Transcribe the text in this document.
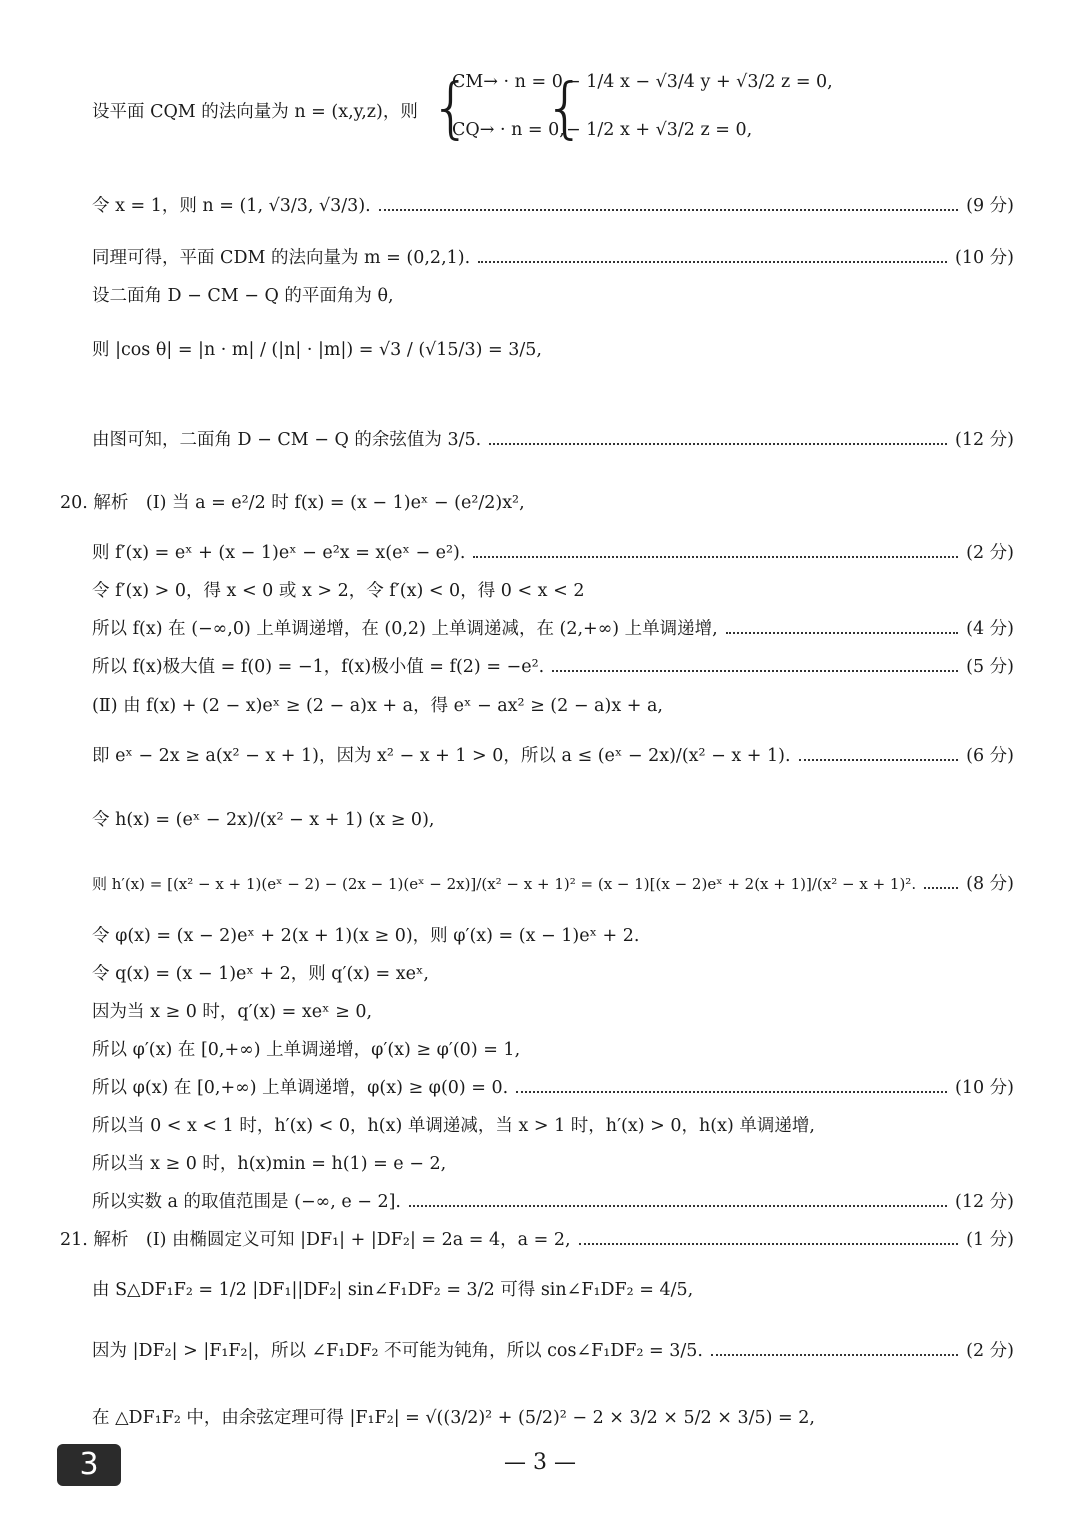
设平面 CQM 的法向量为 n = (x,y,z)，则 {
CM→ · n = 0,
CQ→ · n = 0,
{
− 1/4 x − √3/4 y + √3/2 z = 0,
− 1/2 x + √3/2 z = 0,
令 x = 1，则 n = (1, √3/3, √3/3).	(9 分)
同理可得，平面 CDM 的法向量为 m = (0,2,1).	(10 分)
设二面角 D − CM − Q 的平面角为 θ,
则 |cos θ| = |n · m| / (|n| · |m|) = √3 / (√15/3) = 3/5,
由图可知，二面角 D − CM − Q 的余弦值为 3/5.	(12 分)
20. 解析　(Ⅰ) 当 a = e²/2 时 f(x) = (x − 1)eˣ − (e²/2)x²,
则 f′(x) = eˣ + (x − 1)eˣ − e²x = x(eˣ − e²).	(2 分)
令 f′(x) > 0，得 x < 0 或 x > 2，令 f′(x) < 0，得 0 < x < 2
所以 f(x) 在 (−∞,0) 上单调递增，在 (0,2) 上单调递减，在 (2,+∞) 上单调递增,	(4 分)
所以 f(x)极大值 = f(0) = −1，f(x)极小值 = f(2) = −e².	(5 分)
(Ⅱ) 由 f(x) + (2 − x)eˣ ≥ (2 − a)x + a，得 eˣ − ax² ≥ (2 − a)x + a,
即 eˣ − 2x ≥ a(x² − x + 1)，因为 x² − x + 1 > 0，所以 a ≤ (eˣ − 2x)/(x² − x + 1).	(6 分)
令 h(x) = (eˣ − 2x)/(x² − x + 1) (x ≥ 0),
则 h′(x) = [(x² − x + 1)(eˣ − 2) − (2x − 1)(eˣ − 2x)]/(x² − x + 1)² = (x − 1)[(x − 2)eˣ + 2(x + 1)]/(x² − x + 1)².	(8 分)
令 φ(x) = (x − 2)eˣ + 2(x + 1)(x ≥ 0)，则 φ′(x) = (x − 1)eˣ + 2.
令 q(x) = (x − 1)eˣ + 2，则 q′(x) = xeˣ,
因为当 x ≥ 0 时，q′(x) = xeˣ ≥ 0,
所以 φ′(x) 在 [0,+∞) 上单调递增，φ′(x) ≥ φ′(0) = 1,
所以 φ(x) 在 [0,+∞) 上单调递增，φ(x) ≥ φ(0) = 0.	(10 分)
所以当 0 < x < 1 时，h′(x) < 0，h(x) 单调递减，当 x > 1 时，h′(x) > 0，h(x) 单调递增,
所以当 x ≥ 0 时，h(x)min = h(1) = e − 2,
所以实数 a 的取值范围是 (−∞, e − 2].	(12 分)
21. 解析　(Ⅰ) 由椭圆定义可知 |DF₁| + |DF₂| = 2a = 4，a = 2,	(1 分)
由 S△DF₁F₂ = 1/2 |DF₁||DF₂| sin∠F₁DF₂ = 3/2 可得 sin∠F₁DF₂ = 4/5,
因为 |DF₂| > |F₁F₂|，所以 ∠F₁DF₂ 不可能为钝角，所以 cos∠F₁DF₂ = 3/5.	(2 分)
在 △DF₁F₂ 中，由余弦定理可得 |F₁F₂| = √((3/2)² + (5/2)² − 2 × 3/2 × 5/2 × 3/5) = 2,
3	— 3 —
